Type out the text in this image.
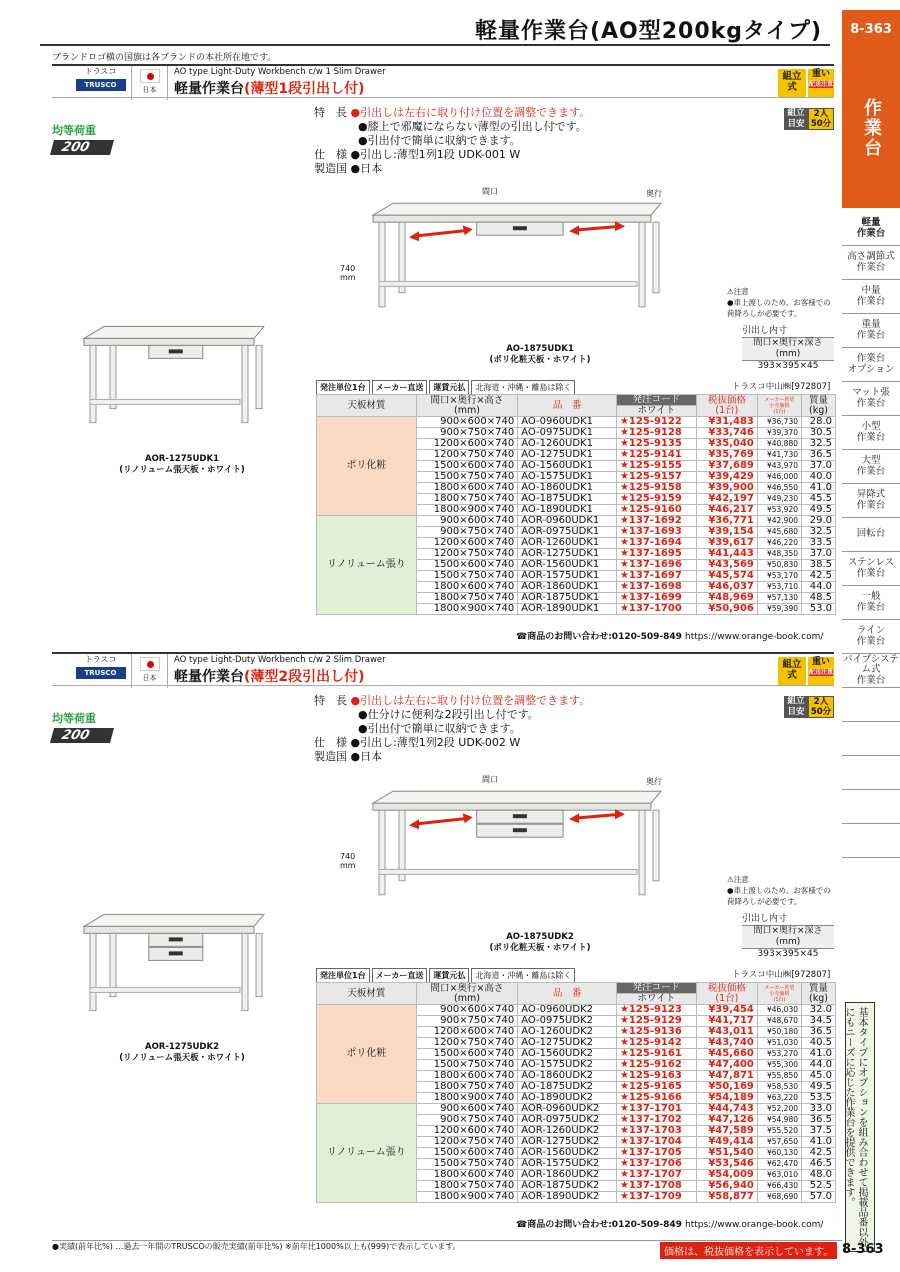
軽量作業台(AO型200kgタイプ)	8-363
ブランドロゴ横の国旗は各ブランドの本社所在地です。
作業台
軽量
作業台
高さ調節式
作業台
中量
作業台
重量
作業台
作業台
オプション
マット張
作業台
小型
作業台
大型
作業台
昇降式
作業台
回転台
ステンレス
作業台
一般
作業台
ライン
作業台
パイプシステム式
作業台
基本タイプにオプションを組み合わせて掲載品番以外にもニーズに応じた作業台を提供できます。
トラスコ
TRUSCO
日本
AO type Light-Duty Workbench c/w 1 Slim Drawer
軽量作業台(薄型1段引出し付)
組立
式
重い
配送注意
均等荷重
200
特　長 ●引出しは左右に取り付け位置を調整できます。
●膝上で邪魔にならない薄型の引出し付です。
●引出付で簡単に収納できます。
仕　様 ●引出し:薄型1列1段 UDK-001 W
製造国 ●日本
組立
目安
2人
50分
間口	奥行
740
mm
AO-1875UDK1
(ポリ化粧天板・ホワイト)
AOR-1275UDK1
(リノリューム張天板・ホワイト)
⚠注意
●車上渡しのため、お客様での
荷降ろしが必要です。
引出し内寸
間口×奥行×深さ
(mm)
393×395×45
発注単位1台	メーカー直送	運賃元払	北海道・沖縄・離島は除く	トラスコ中山㈱[972807]
天板材質	間口×奥行×高さ
(mm)	品　番	発注コード	税抜価格
(1台)	メーカー希望
小売価格
(1台)	質量
(kg)
			ホワイト			
ポリ化粧	900×600×740	AO-0960UDK1	★125-9122	¥31,483	¥36,730	28.0
	900×750×740	AO-0975UDK1	★125-9128	¥33,746	¥39,370	30.5
	1200×600×740	AO-1260UDK1	★125-9135	¥35,040	¥40,880	32.5
	1200×750×740	AO-1275UDK1	★125-9141	¥35,769	¥41,730	36.5
	1500×600×740	AO-1560UDK1	★125-9155	¥37,689	¥43,970	37.0
	1500×750×740	AO-1575UDK1	★125-9157	¥39,429	¥46,000	40.0
	1800×600×740	AO-1860UDK1	★125-9158	¥39,900	¥46,550	41.0
	1800×750×740	AO-1875UDK1	★125-9159	¥42,197	¥49,230	45.5
	1800×900×740	AO-1890UDK1	★125-9160	¥46,217	¥53,920	49.5
リノリューム張り	900×600×740	AOR-0960UDK1	★137-1692	¥36,771	¥42,900	29.0
	900×750×740	AOR-0975UDK1	★137-1693	¥39,154	¥45,680	32.5
	1200×600×740	AOR-1260UDK1	★137-1694	¥39,617	¥46,220	33.5
	1200×750×740	AOR-1275UDK1	★137-1695	¥41,443	¥48,350	37.0
	1500×600×740	AOR-1560UDK1	★137-1696	¥43,569	¥50,830	38.5
	1500×750×740	AOR-1575UDK1	★137-1697	¥45,574	¥53,170	42.5
	1800×600×740	AOR-1860UDK1	★137-1698	¥46,037	¥53,710	44.0
	1800×750×740	AOR-1875UDK1	★137-1699	¥48,969	¥57,130	48.5
	1800×900×740	AOR-1890UDK1	★137-1700	¥50,906	¥59,390	53.0
☎商品のお問い合わせ:0120-509-849 https://www.orange-book.com/
トラスコ
TRUSCO
日本
AO type Light-Duty Workbench c/w 2 Slim Drawer
軽量作業台(薄型2段引出し付)
組立
式
重い
配送注意
均等荷重
200
特　長 ●引出しは左右に取り付け位置を調整できます。
●仕分けに便利な2段引出し付です。
●引出付で簡単に収納できます。
仕　様 ●引出し:薄型1列2段 UDK-002 W
製造国 ●日本
組立
目安
2人
50分
間口	奥行
740
mm
AO-1875UDK2
(ポリ化粧天板・ホワイト)
AOR-1275UDK2
(リノリューム張天板・ホワイト)
⚠注意
●車上渡しのため、お客様での
荷降ろしが必要です。
引出し内寸
間口×奥行×深さ
(mm)
393×395×45
発注単位1台	メーカー直送	運賃元払	北海道・沖縄・離島は除く	トラスコ中山㈱[972807]
天板材質	間口×奥行×高さ
(mm)	品　番	発注コード	税抜価格
(1台)	メーカー希望
小売価格
(1台)	質量
(kg)
			ホワイト			
ポリ化粧	900×600×740	AO-0960UDK2	★125-9123	¥39,454	¥46,030	32.0
	900×750×740	AO-0975UDK2	★125-9129	¥41,717	¥48,670	34.5
	1200×600×740	AO-1260UDK2	★125-9136	¥43,011	¥50,180	36.5
	1200×750×740	AO-1275UDK2	★125-9142	¥43,740	¥51,030	40.5
	1500×600×740	AO-1560UDK2	★125-9161	¥45,660	¥53,270	41.0
	1500×750×740	AO-1575UDK2	★125-9162	¥47,400	¥55,300	44.0
	1800×600×740	AO-1860UDK2	★125-9163	¥47,871	¥55,850	45.0
	1800×750×740	AO-1875UDK2	★125-9165	¥50,169	¥58,530	49.5
	1800×900×740	AO-1890UDK2	★125-9166	¥54,189	¥63,220	53.5
リノリューム張り	900×600×740	AOR-0960UDK2	★137-1701	¥44,743	¥52,200	33.0
	900×750×740	AOR-0975UDK2	★137-1702	¥47,126	¥54,980	36.5
	1200×600×740	AOR-1260UDK2	★137-1703	¥47,589	¥55,520	37.5
	1200×750×740	AOR-1275UDK2	★137-1704	¥49,414	¥57,650	41.0
	1500×600×740	AOR-1560UDK2	★137-1705	¥51,540	¥60,130	42.5
	1500×750×740	AOR-1575UDK2	★137-1706	¥53,546	¥62,470	46.5
	1800×600×740	AOR-1860UDK2	★137-1707	¥54,009	¥63,010	48.0
	1800×750×740	AOR-1875UDK2	★137-1708	¥56,940	¥66,430	52.5
	1800×900×740	AOR-1890UDK2	★137-1709	¥58,877	¥68,690	57.0
☎商品のお問い合わせ:0120-509-849 https://www.orange-book.com/
●実績(前年比%) …過去一年間のTRUSCOの販売実績(前年比%) ※前年比1000%以上も(999)で表示しています。
価格は、税抜価格を表示しています。 8-363
